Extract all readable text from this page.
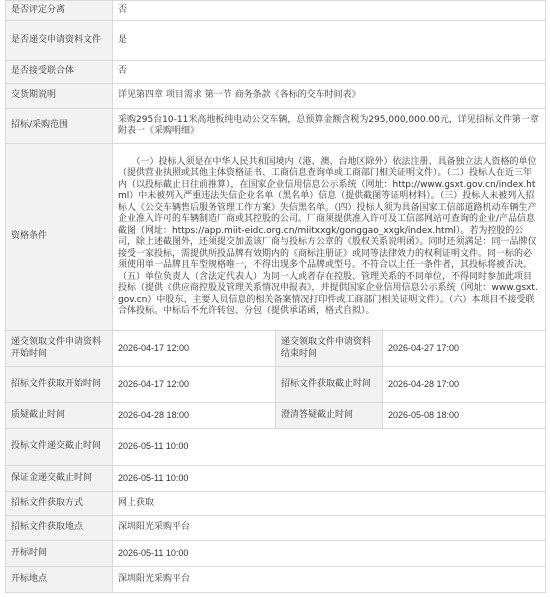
是否评定分离	否		
是否递交申请资料文件	是		
是否接受联合体	否		
交货期说明	详见第四章 项目需求 第一节 商务条款《各标的交车时间表》		
招标/采购范围	采购295台10-11米高地板纯电动公交车辆，总预算金额含税为295,000,000.00元，详见招标文件第一章附表一《采购明细》		
资格条件	（一）投标人须是在中华人民共和国境内（港、澳、台地区除外）依法注册、具备独立法人资格的单位（提供营业执照或其他主体资格证书、工商信息查询单或工商部门相关证明文件）。（二）投标人在近三年内（以投标截止日往前推算），在国家企业信用信息公示系统（网址：http://www.gsxt.gov.cn/index.html）中未被列入严重违法失信企业名单（黑名单）信息（提供截图等证明材料）。（三）投标人未被列入招标人《公交车辆售后服务管理工作方案》失信黑名单。（四）投标人须为具备国家工信部道路机动车辆生产企业准入许可的车辆制造厂商或其控股的公司。厂商须提供准入许可及工信部网站可查询的企业/产品信息截图（网址：https://app.miit-eidc.org.cn/miitxxgk/gonggao_xxgk/index.html）。若为控股的公司，除上述截图外，还须提交加盖该厂商与投标方公章的《股权关系说明函》。同时还须满足：同一品牌仅接受一家投标，需提供所投品牌有效期内的《商标注册证》或同等法律效力的权利证明文件。同一标的必须使用单一品牌且车型规格唯一，不得出现多个品牌或型号。不符合以上任一条件者，其投标将被否决。（五）单位负责人（含法定代表人）为同一人或者存在控股、管理关系的不同单位，不得同时参加此项目投标（提供《供应商控股及管理关系情况申报表》，并提供国家企业信用信息公示系统（网址：www.gsxt.gov.cn）中股东、主要人员信息的相关备案情况打印件或工商部门相关证明文件）。（六）本项目不接受联合体投标。中标后不允许转包、分包（提供承诺函，格式自拟）。		
递交领取文件申请资料开始时间	2026-04-17 12:00	递交领取文件申请资料结束时间	2026-04-27 17:00
招标文件获取开始时间	2026-04-17 12:00	招标文件获取截止时间	2026-04-28 17:00
质疑截止时间	2026-04-28 18:00	澄清答疑截止时间	2026-05-08 18:00
投标文件递交截止时间	2026-05-11 10:00		
保证金递交截止时间	2026-05-11 10:00		
招标文件获取方式	网上获取		
招标文件获取地点	深圳阳光采购平台		
开标时间	2026-05-11 10:00		
开标地点	深圳阳光采购平台		
